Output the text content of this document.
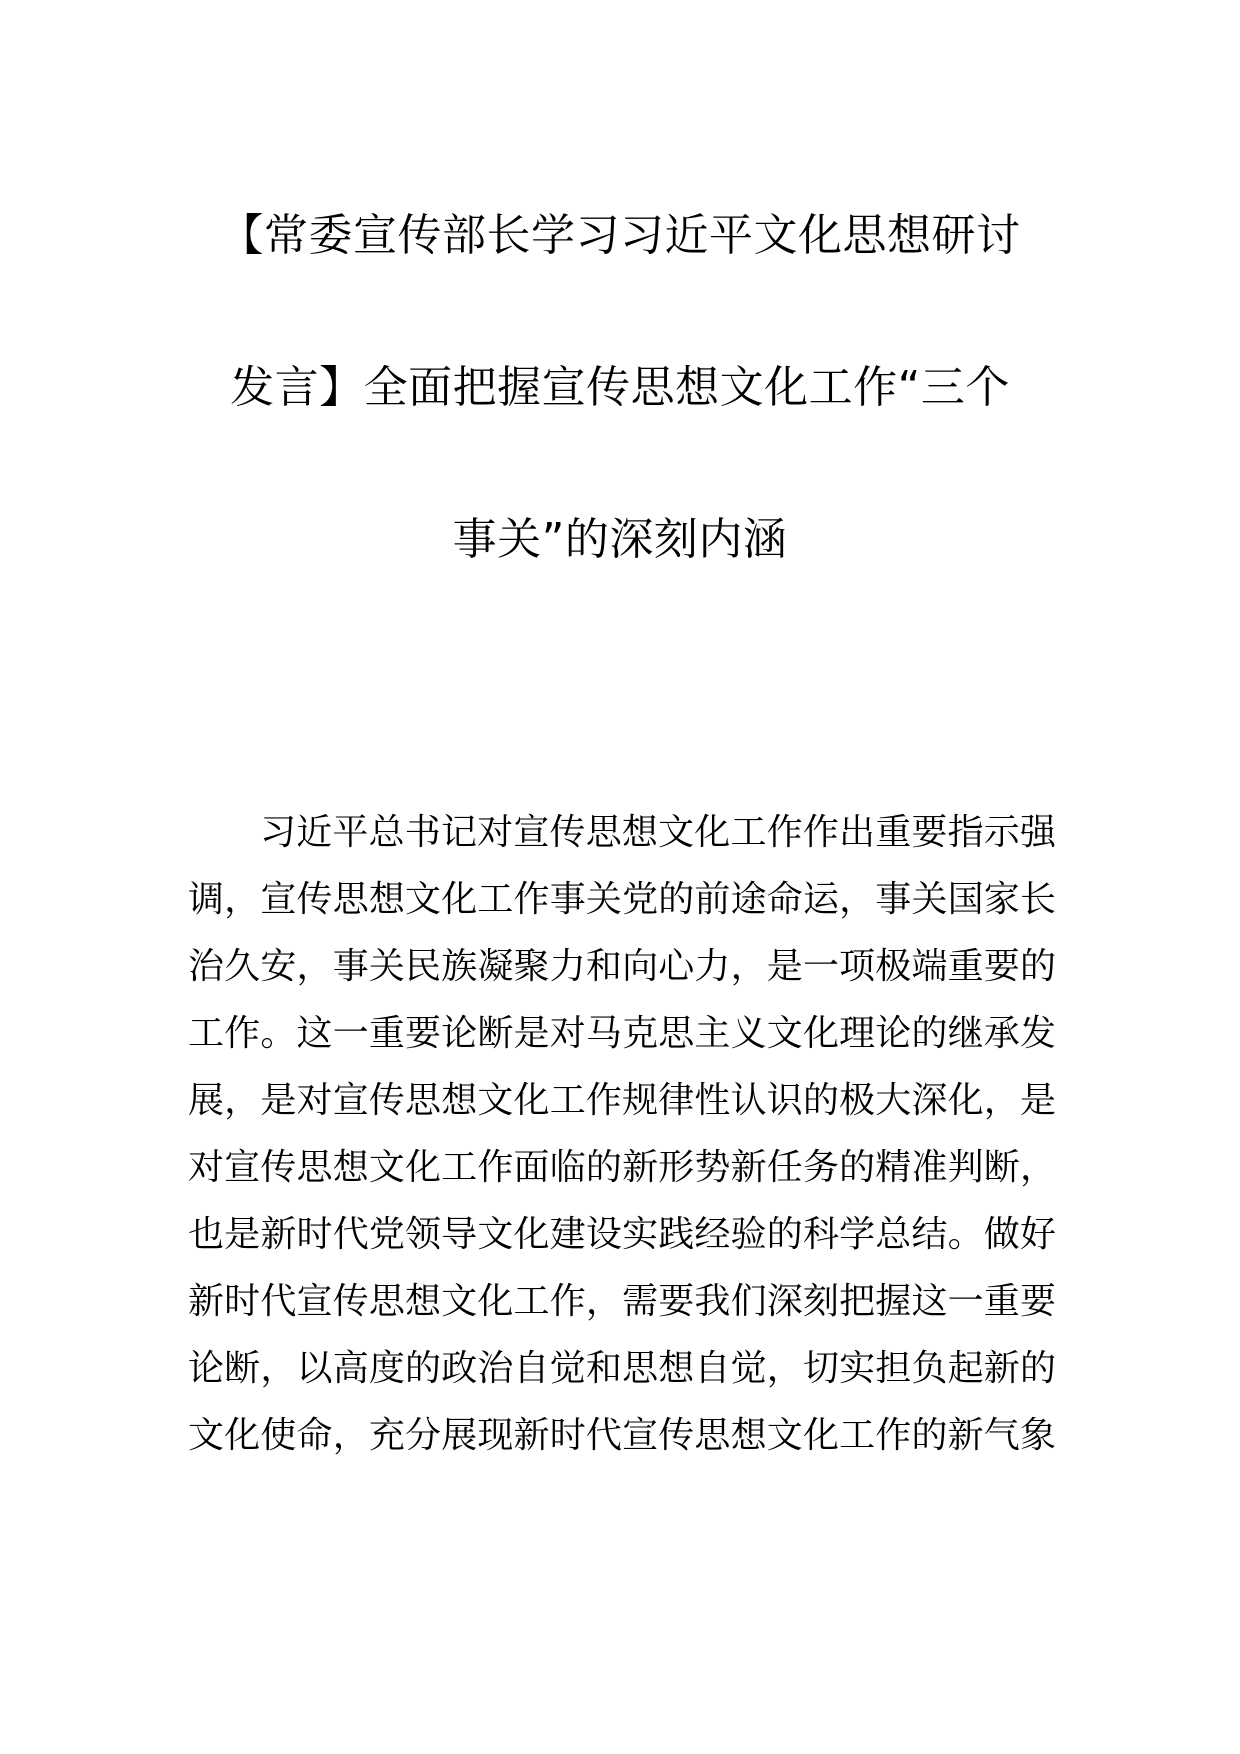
【常委宣传部长学习习近平文化思想研讨
发言】全面把握宣传思想文化工作“三个
事关”的深刻内涵
习近平总书记对宣传思想文化工作作出重要指示强
调，宣传思想文化工作事关党的前途命运，事关国家长
治久安，事关民族凝聚力和向心力，是一项极端重要的
工作。这一重要论断是对马克思主义文化理论的继承发
展，是对宣传思想文化工作规律性认识的极大深化，是
对宣传思想文化工作面临的新形势新任务的精准判断，
也是新时代党领导文化建设实践经验的科学总结。做好
新时代宣传思想文化工作，需要我们深刻把握这一重要
论断，以高度的政治自觉和思想自觉，切实担负起新的
文化使命，充分展现新时代宣传思想文化工作的新气象
